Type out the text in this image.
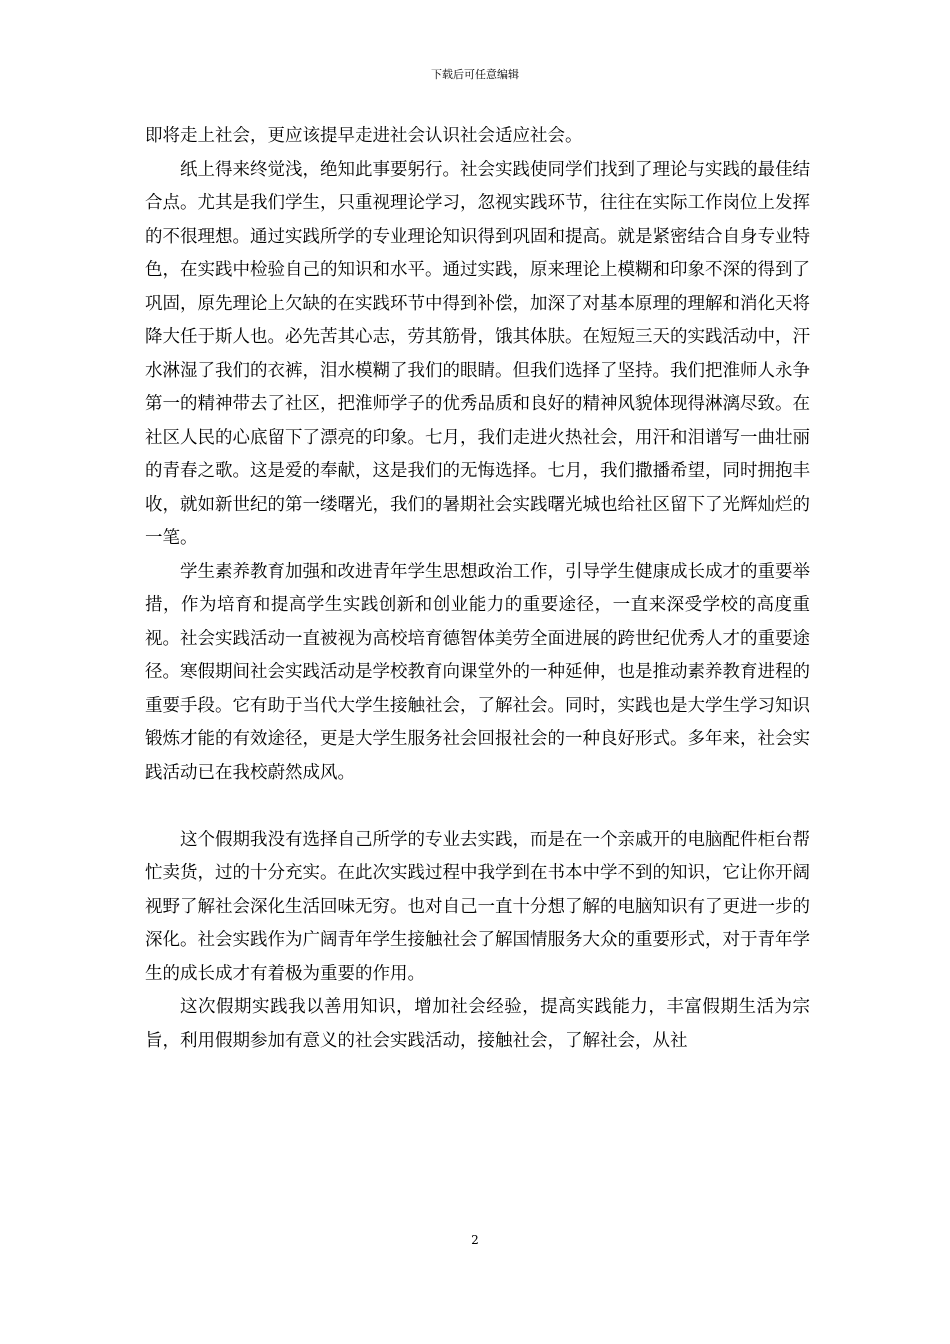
下载后可任意编辑

即将走上社会，更应该提早走进社会认识社会适应社会。

纸上得来终觉浅，绝知此事要躬行。社会实践使同学们找到了理论与实践的最佳结合点。尤其是我们学生，只重视理论学习，忽视实践环节，往往在实际工作岗位上发挥的不很理想。通过实践所学的专业理论知识得到巩固和提高。就是紧密结合自身专业特色，在实践中检验自己的知识和水平。通过实践，原来理论上模糊和印象不深的得到了巩固，原先理论上欠缺的在实践环节中得到补偿，加深了对基本原理的理解和消化天将降大任于斯人也。必先苦其心志，劳其筋骨，饿其体肤。在短短三天的实践活动中，汗水淋湿了我们的衣裤，泪水模糊了我们的眼睛。但我们选择了坚持。我们把淮师人永争第一的精神带去了社区，把淮师学子的优秀品质和良好的精神风貌体现得淋漓尽致。在社区人民的心底留下了漂亮的印象。七月，我们走进火热社会，用汗和泪谱写一曲壮丽的青春之歌。这是爱的奉献，这是我们的无悔选择。七月，我们撒播希望，同时拥抱丰收，就如新世纪的第一缕曙光，我们的暑期社会实践曙光城也给社区留下了光辉灿烂的一笔。

学生素养教育加强和改进青年学生思想政治工作，引导学生健康成长成才的重要举措，作为培育和提高学生实践创新和创业能力的重要途径，一直来深受学校的高度重视。社会实践活动一直被视为高校培育德智体美劳全面进展的跨世纪优秀人才的重要途径。寒假期间社会实践活动是学校教育向课堂外的一种延伸，也是推动素养教育进程的重要手段。它有助于当代大学生接触社会，了解社会。同时，实践也是大学生学习知识锻炼才能的有效途径，更是大学生服务社会回报社会的一种良好形式。多年来，社会实践活动已在我校蔚然成风。

这个假期我没有选择自己所学的专业去实践，而是在一个亲戚开的电脑配件柜台帮忙卖货，过的十分充实。在此次实践过程中我学到在书本中学不到的知识，它让你开阔视野了解社会深化生活回味无穷。也对自己一直十分想了解的电脑知识有了更进一步的深化。社会实践作为广阔青年学生接触社会了解国情服务大众的重要形式，对于青年学生的成长成才有着极为重要的作用。

这次假期实践我以善用知识，增加社会经验，提高实践能力，丰富假期生活为宗旨，利用假期参加有意义的社会实践活动，接触社会，了解社会，从社

2
